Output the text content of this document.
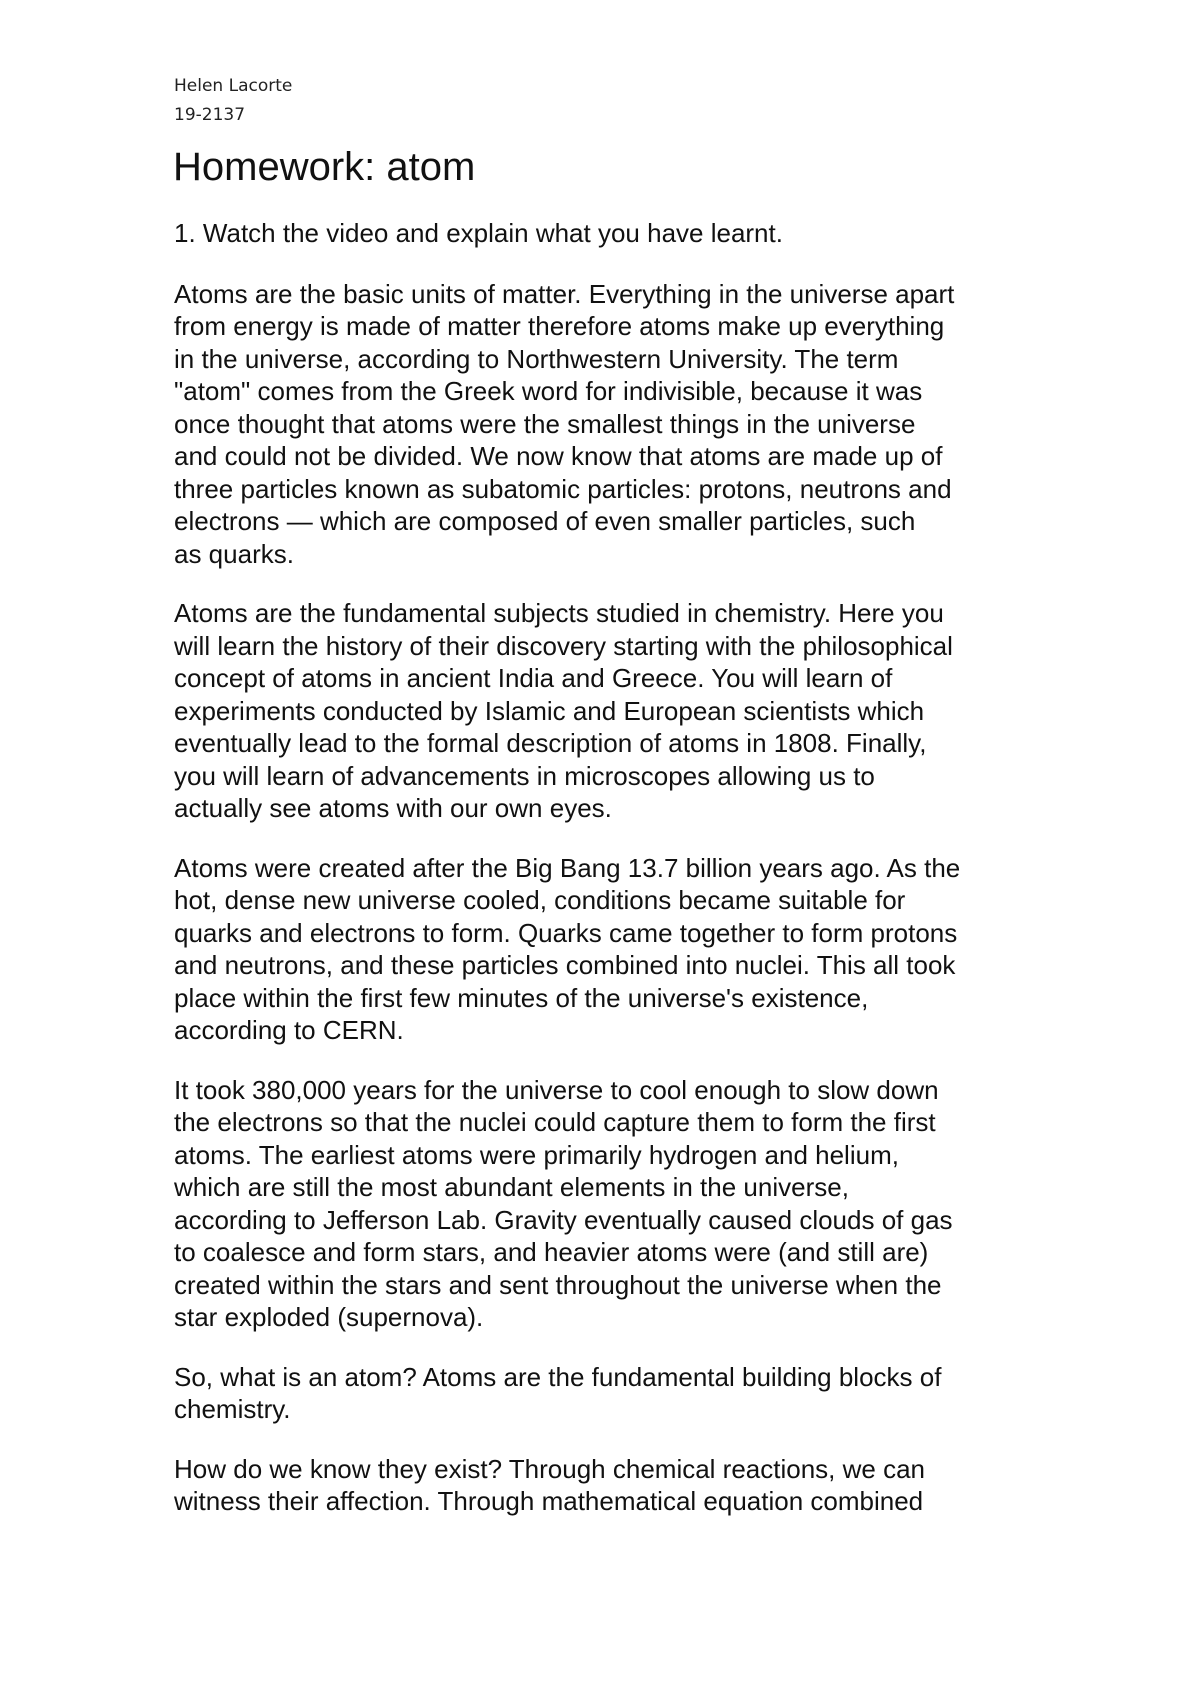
Helen Lacorte
19-2137
Homework: atom

1. Watch the video and explain what you have learnt.

Atoms are the basic units of matter. Everything in the universe apart
from energy is made of matter therefore atoms make up everything
in the universe, according to Northwestern University. The term
"atom" comes from the Greek word for indivisible, because it was
once thought that atoms were the smallest things in the universe
and could not be divided. We now know that atoms are made up of
three particles known as subatomic particles: protons, neutrons and
electrons — which are composed of even smaller particles, such
as quarks.

Atoms are the fundamental subjects studied in chemistry. Here you
will learn the history of their discovery starting with the philosophical
concept of atoms in ancient India and Greece. You will learn of
experiments conducted by Islamic and European scientists which
eventually lead to the formal description of atoms in 1808. Finally,
you will learn of advancements in microscopes allowing us to
actually see atoms with our own eyes.

Atoms were created after the Big Bang 13.7 billion years ago. As the
hot, dense new universe cooled, conditions became suitable for
quarks and electrons to form. Quarks came together to form protons
and neutrons, and these particles combined into nuclei. This all took
place within the first few minutes of the universe's existence,
according to CERN.

It took 380,000 years for the universe to cool enough to slow down
the electrons so that the nuclei could capture them to form the first
atoms. The earliest atoms were primarily hydrogen and helium,
which are still the most abundant elements in the universe,
according to Jefferson Lab. Gravity eventually caused clouds of gas
to coalesce and form stars, and heavier atoms were (and still are)
created within the stars and sent throughout the universe when the
star exploded (supernova).

So, what is an atom? Atoms are the fundamental building blocks of
chemistry.

How do we know they exist? Through chemical reactions, we can
witness their affection. Through mathematical equation combined
